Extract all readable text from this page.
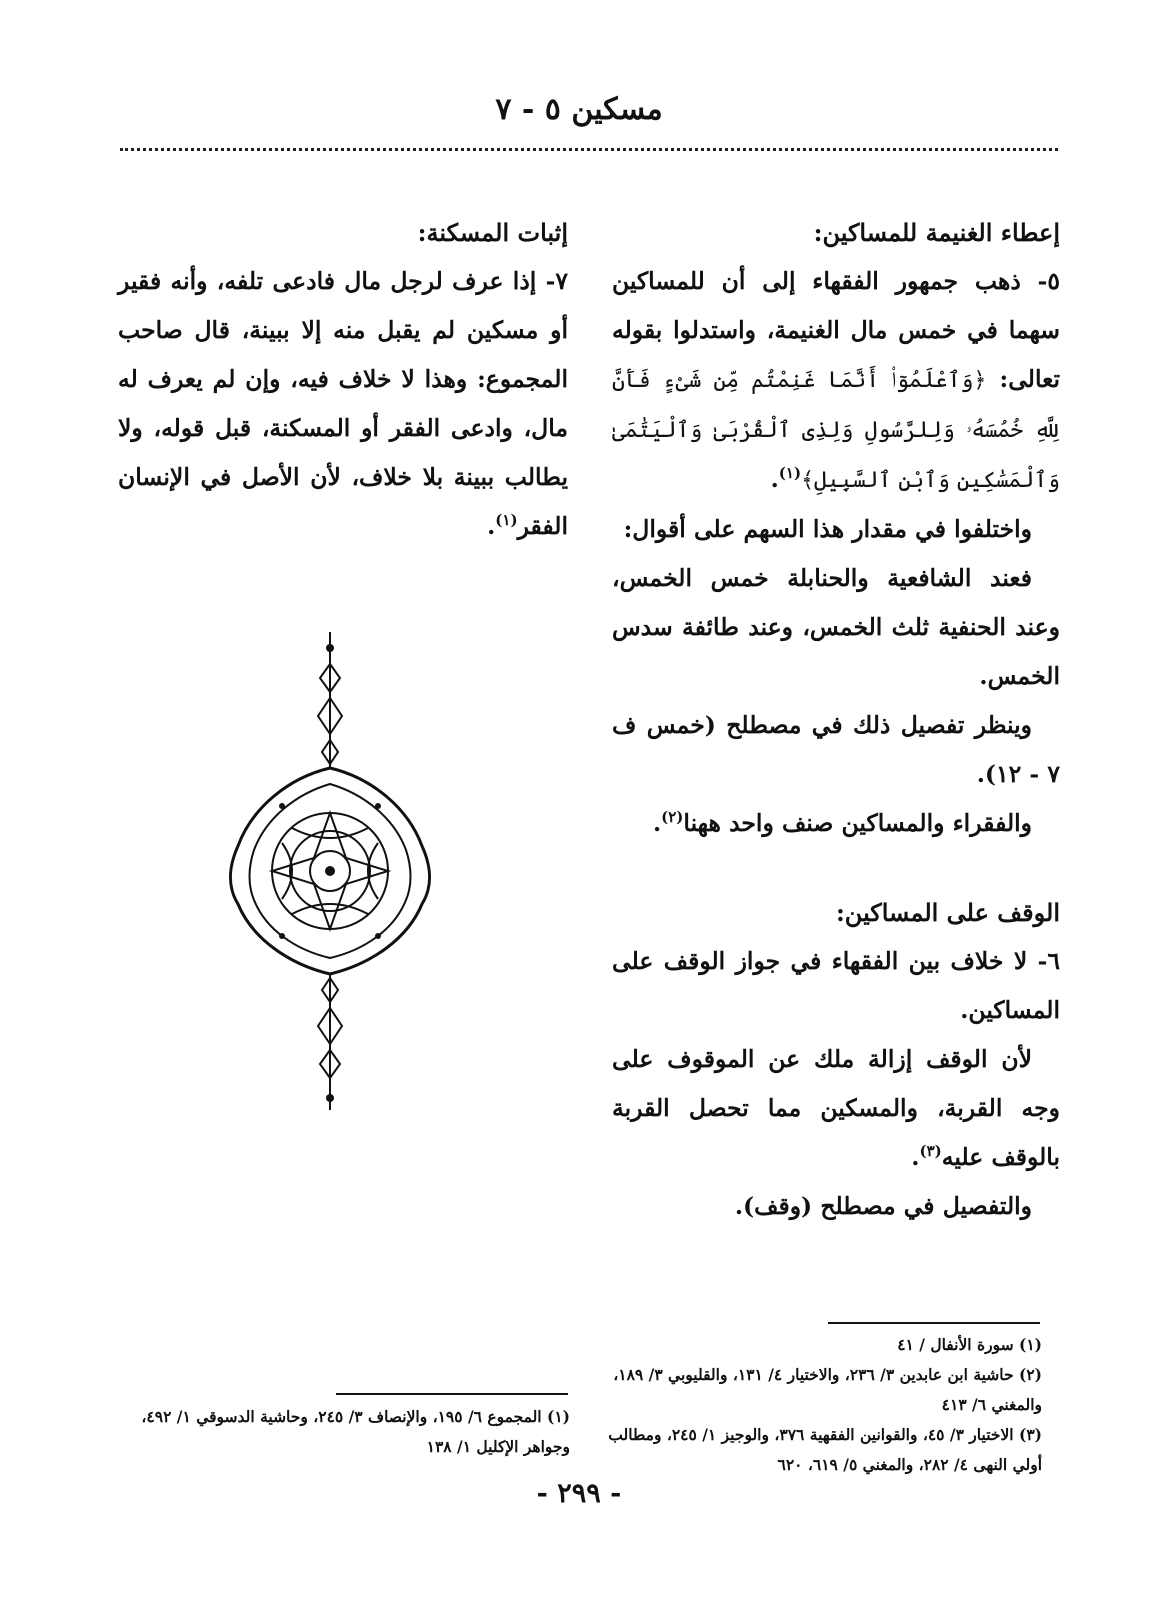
مسكين ٥ - ٧

إعطاء الغنيمة للمساكين:

٥- ذهب جمهور الفقهاء إلى أن للمساكين سهما في خمس مال الغنيمة، واستدلوا بقوله تعالى: ﴿وَٱعْلَمُوٓا۟ أَنَّمَا غَنِمْتُم مِّن شَىْءٍ فَأَنَّ لِلَّهِ خُمُسَهُۥ وَلِلرَّسُولِ وَلِذِى ٱلْقُرْبَىٰ وَٱلْيَتَٰمَىٰ وَٱلْمَسَٰكِينِ وَٱبْنِ ٱلسَّبِيلِ﴾$^{(١)}$.

واختلفوا في مقدار هذا السهم على أقوال:

فعند الشافعية والحنابلة خمس الخمس، وعند الحنفية ثلث الخمس، وعند طائفة سدس الخمس.

وينظر تفصيل ذلك في مصطلح (خمس ف ٧ - ١٢).

والفقراء والمساكين صنف واحد ههنا$^{(٢)}$.

الوقف على المساكين:

٦- لا خلاف بين الفقهاء في جواز الوقف على المساكين.

لأن الوقف إزالة ملك عن الموقوف على وجه القربة، والمسكين مما تحصل القربة بالوقف عليه$^{(٣)}$.

والتفصيل في مصطلح (وقف).

إثبات المسكنة:

٧- إذا عرف لرجل مال فادعى تلفه، وأنه فقير أو مسكين لم يقبل منه إلا ببينة، قال صاحب المجموع: وهذا لا خلاف فيه، وإن لم يعرف له مال، وادعى الفقر أو المسكنة، قبل قوله، ولا يطالب ببينة بلا خلاف، لأن الأصل في الإنسان الفقر$^{(١)}$.

(١) سورة الأنفال / ٤١

(٢) حاشية ابن عابدين ٣/ ٢٣٦، والاختيار ٤/ ١٣١، والقليوبي ٣/ ١٨٩، والمغني ٦/ ٤١٣

(٣) الاختيار ٣/ ٤٥، والقوانين الفقهية ٣٧٦، والوجيز ١/ ٢٤٥، ومطالب أولي النهى ٤/ ٢٨٢، والمغني ٥/ ٦١٩، ٦٢٠

(١) المجموع ٦/ ١٩٥، والإنصاف ٣/ ٢٤٥، وحاشية الدسوقي ١/ ٤٩٢، وجواهر الإكليل ١/ ١٣٨

- ٢٩٩ -
